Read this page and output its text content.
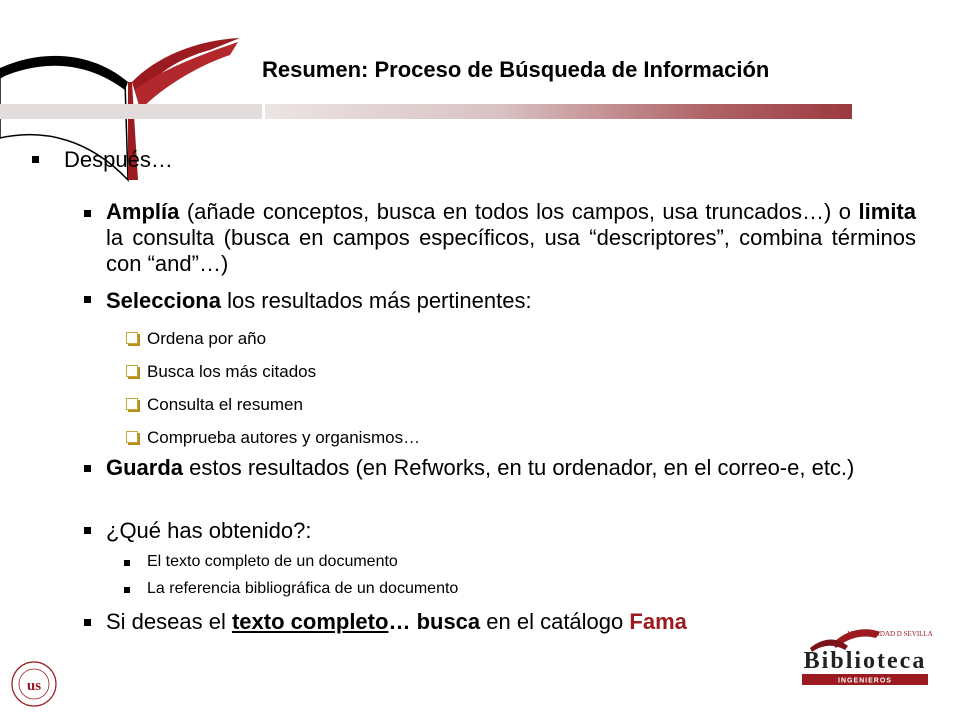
Resumen: Proceso de Búsqueda de Información
Después…
Amplía (añade conceptos, busca en todos los campos, usa truncados…) o limita la consulta (busca en campos específicos, usa “descriptores”, combina términos con “and”…)
Selecciona los resultados más pertinentes:
Ordena por año
Busca los más citados
Consulta el resumen
Comprueba autores y organismos…
Guarda estos resultados (en Refworks, en tu ordenador, en el correo-e, etc.)
¿Qué has obtenido?:
El texto completo de un documento
La referencia bibliográfica de un documento
Si deseas el texto completo… busca en el catálogo Fama
us
UNIVERSIDAD D SEVILLA
Biblioteca
INGENIEROS
